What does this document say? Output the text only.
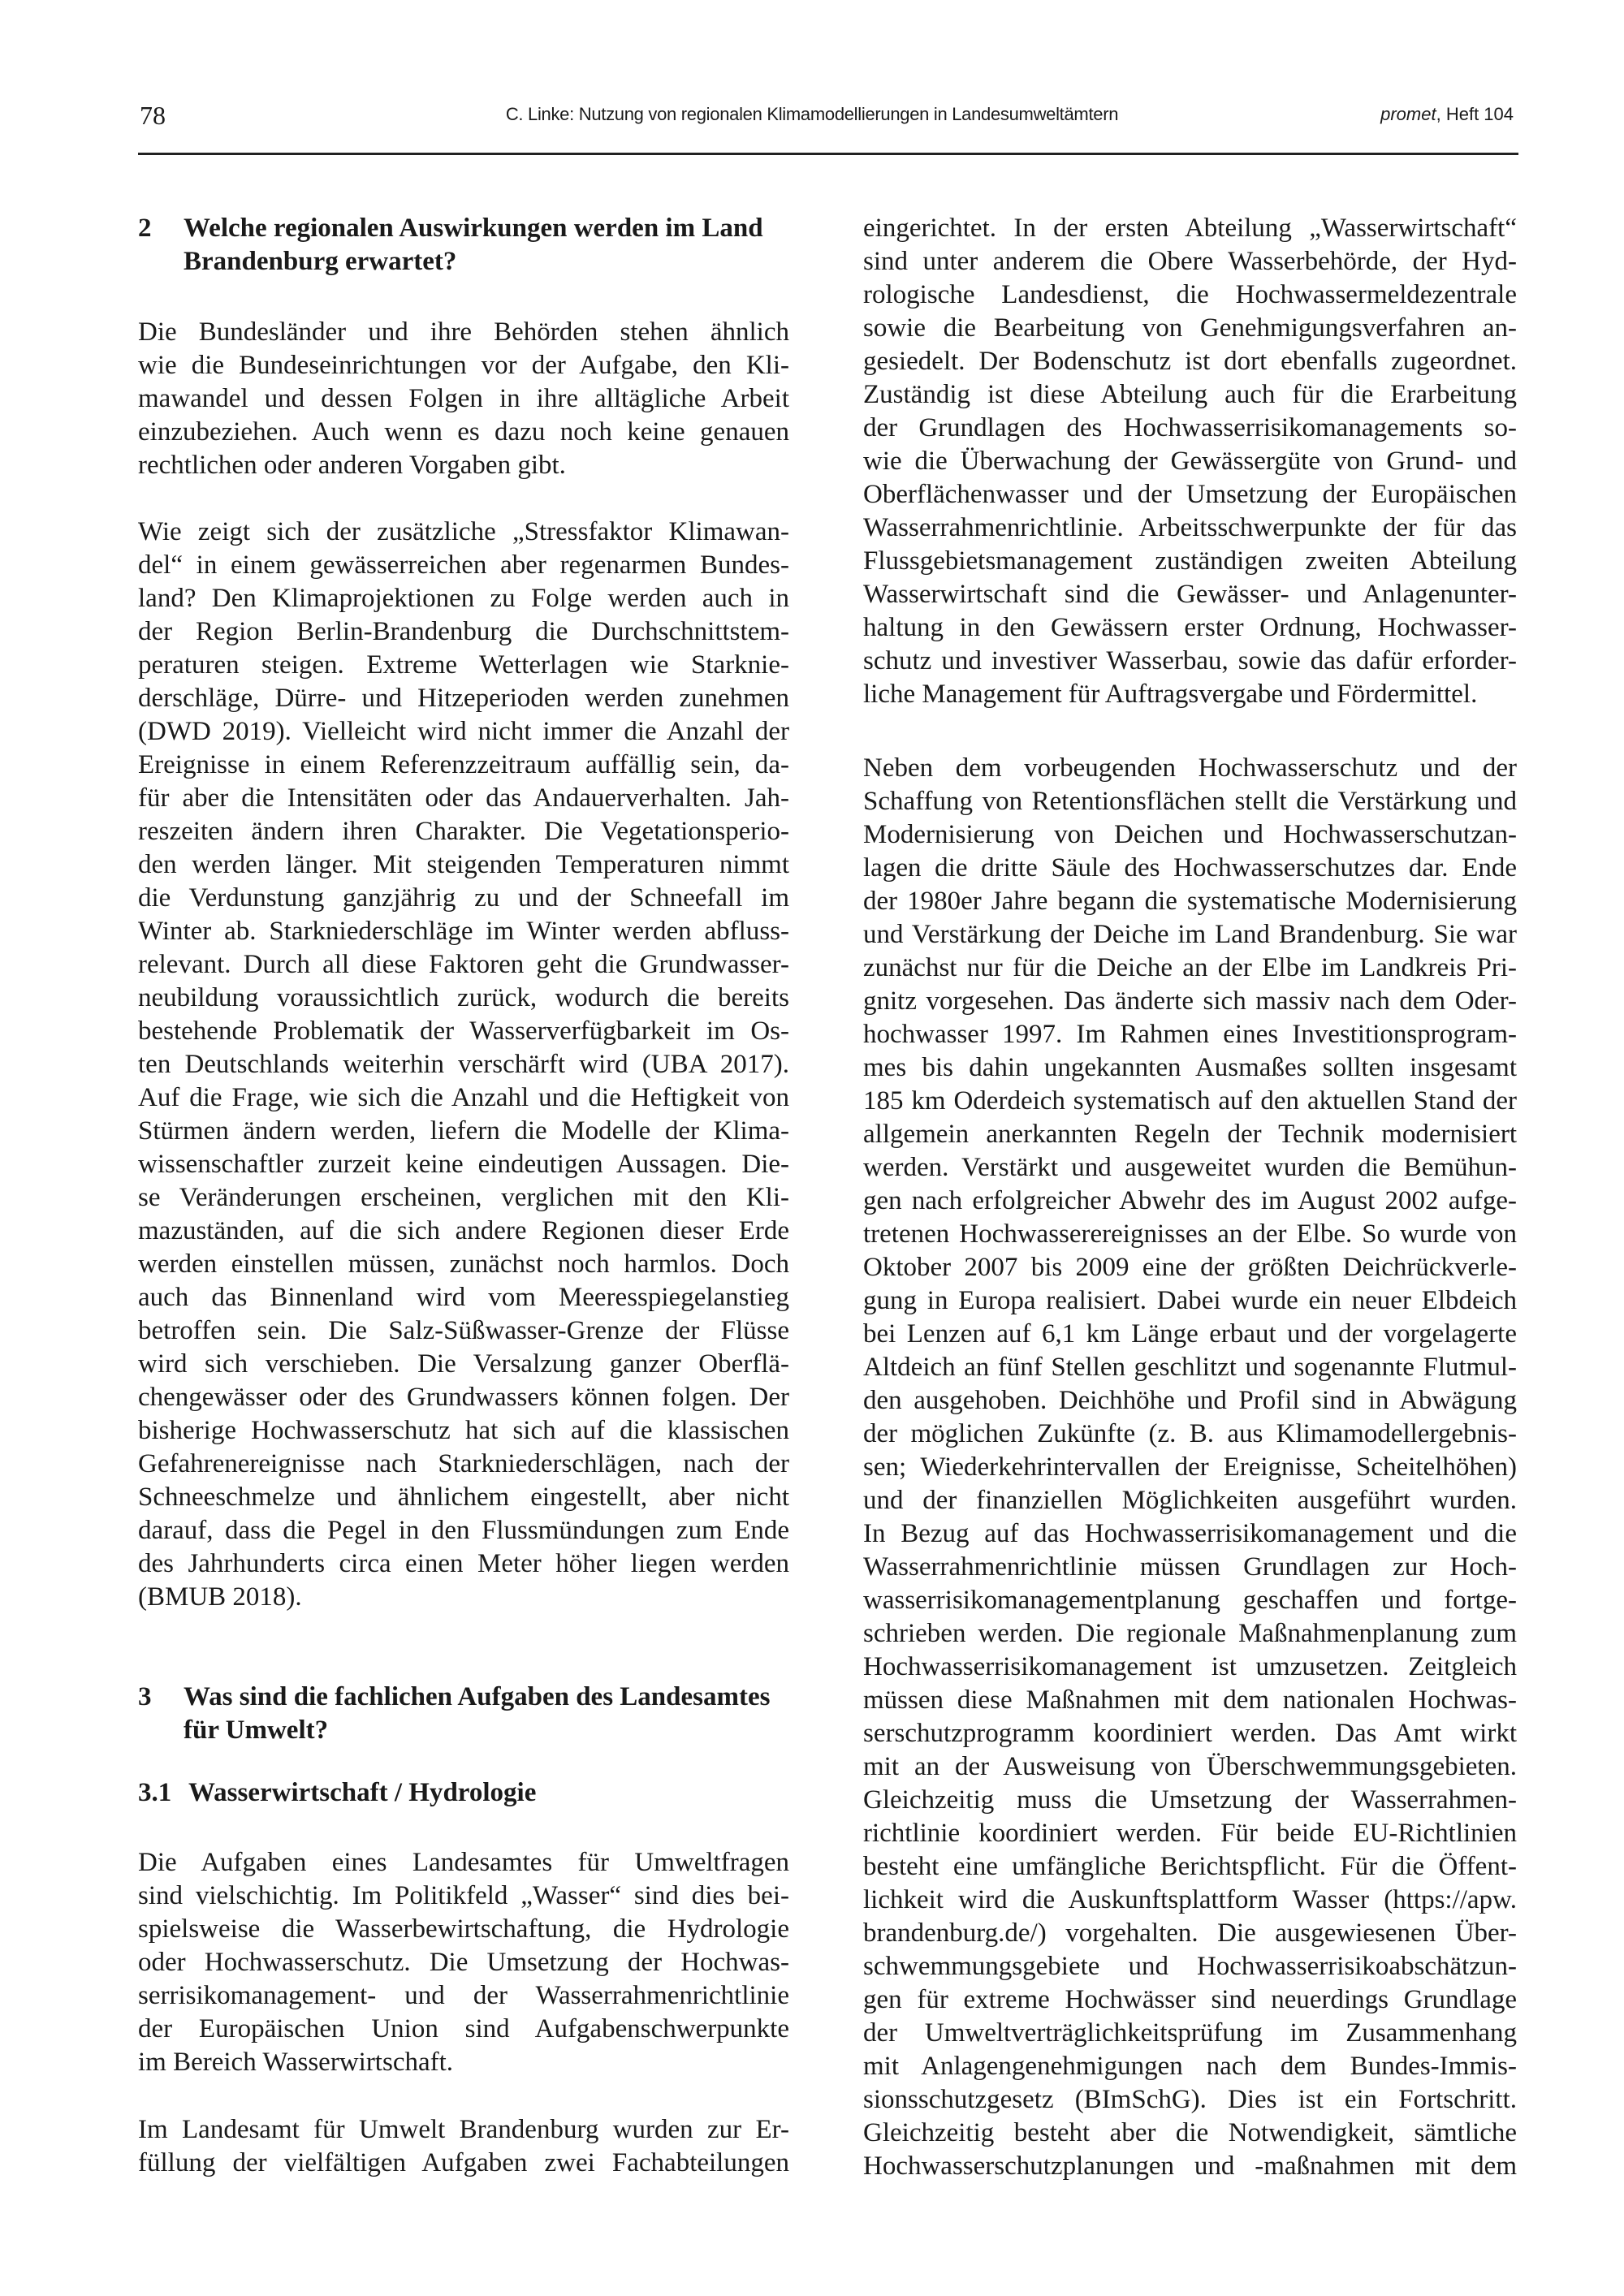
78	C. Linke: Nutzung von regionalen Klimamodellierungen in Landesumweltämtern	promet, Heft 104
2 Welche regionalen Auswirkungen werden im Land
Brandenburg erwartet?
Die Bundesländer und ihre Behörden stehen ähnlich
wie die Bundeseinrichtungen vor der Aufgabe, den Kli-
mawandel und dessen Folgen in ihre alltägliche Arbeit
einzubeziehen. Auch wenn es dazu noch keine genauen
rechtlichen oder anderen Vorgaben gibt.
Wie zeigt sich der zusätzliche „Stressfaktor Klimawan-
del“ in einem gewässerreichen aber regenarmen Bundes-
land? Den Klimaprojektionen zu Folge werden auch in
der Region Berlin-Brandenburg die Durchschnittstem-
peraturen steigen. Extreme Wetterlagen wie Starknie-
derschläge, Dürre- und Hitzeperioden werden zunehmen
(DWD 2019). Vielleicht wird nicht immer die Anzahl der
Ereignisse in einem Referenzzeitraum auffällig sein, da-
für aber die Intensitäten oder das Andauerverhalten. Jah-
reszeiten ändern ihren Charakter. Die Vegetationsperio-
den werden länger. Mit steigenden Temperaturen nimmt
die Verdunstung ganzjährig zu und der Schneefall im
Winter ab. Starkniederschläge im Winter werden abfluss-
relevant. Durch all diese Faktoren geht die Grundwasser-
neubildung voraussichtlich zurück, wodurch die bereits
bestehende Problematik der Wasserverfügbarkeit im Os-
ten Deutschlands weiterhin verschärft wird (UBA 2017).
Auf die Frage, wie sich die Anzahl und die Heftigkeit von
Stürmen ändern werden, liefern die Modelle der Klima-
wissenschaftler zurzeit keine eindeutigen Aussagen. Die-
se Veränderungen erscheinen, verglichen mit den Kli-
mazuständen, auf die sich andere Regionen dieser Erde
werden einstellen müssen, zunächst noch harmlos. Doch
auch das Binnenland wird vom Meeresspiegelanstieg
betroffen sein. Die Salz-Süßwasser-Grenze der Flüsse
wird sich verschieben. Die Versalzung ganzer Oberflä-
chengewässer oder des Grundwassers können folgen. Der
bisherige Hochwasserschutz hat sich auf die klassischen
Gefahrenereignisse nach Starkniederschlägen, nach der
Schneeschmelze und ähnlichem eingestellt, aber nicht
darauf, dass die Pegel in den Flussmündungen zum Ende
des Jahrhunderts circa einen Meter höher liegen werden
(BMUB 2018).
3 Was sind die fachlichen Aufgaben des Landesamtes
für Umwelt?
3.1 Wasserwirtschaft / Hydrologie
Die Aufgaben eines Landesamtes für Umweltfragen
sind vielschichtig. Im Politikfeld „Wasser“ sind dies bei-
spielsweise die Wasserbewirtschaftung, die Hydrologie
oder Hochwasserschutz. Die Umsetzung der Hochwas-
serrisikomanagement- und der Wasserrahmenrichtlinie
der Europäischen Union sind Aufgabenschwerpunkte
im Bereich Wasserwirtschaft.
Im Landesamt für Umwelt Brandenburg wurden zur Er-
füllung der vielfältigen Aufgaben zwei Fachabteilungen
eingerichtet. In der ersten Abteilung „Wasserwirtschaft“
sind unter anderem die Obere Wasserbehörde, der Hyd-
rologische Landesdienst, die Hochwassermeldezentrale
sowie die Bearbeitung von Genehmigungsverfahren an-
gesiedelt. Der Bodenschutz ist dort ebenfalls zugeordnet.
Zuständig ist diese Abteilung auch für die Erarbeitung
der Grundlagen des Hochwasserrisikomanagements so-
wie die Überwachung der Gewässergüte von Grund- und
Oberflächenwasser und der Umsetzung der Europäischen
Wasserrahmenrichtlinie. Arbeitsschwerpunkte der für das
Flussgebietsmanagement zuständigen zweiten Abteilung
Wasserwirtschaft sind die Gewässer- und Anlagenunter-
haltung in den Gewässern erster Ordnung, Hochwasser-
schutz und investiver Wasserbau, sowie das dafür erforder-
liche Management für Auftragsvergabe und Fördermittel.
Neben dem vorbeugenden Hochwasserschutz und der
Schaffung von Retentionsflächen stellt die Verstärkung und
Modernisierung von Deichen und Hochwasserschutzan-
lagen die dritte Säule des Hochwasserschutzes dar. Ende
der 1980er Jahre begann die systematische Modernisierung
und Verstärkung der Deiche im Land Brandenburg. Sie war
zunächst nur für die Deiche an der Elbe im Landkreis Pri-
gnitz vorgesehen. Das änderte sich massiv nach dem Oder-
hochwasser 1997. Im Rahmen eines Investitionsprogram-
mes bis dahin ungekannten Ausmaßes sollten insgesamt
185 km Oderdeich systematisch auf den aktuellen Stand der
allgemein anerkannten Regeln der Technik modernisiert
werden. Verstärkt und ausgeweitet wurden die Bemühun-
gen nach erfolgreicher Abwehr des im August 2002 aufge-
tretenen Hochwasserereignisses an der Elbe. So wurde von
Oktober 2007 bis 2009 eine der größten Deichrückverle-
gung in Europa realisiert. Dabei wurde ein neuer Elbdeich
bei Lenzen auf 6,1 km Länge erbaut und der vorgelagerte
Altdeich an fünf Stellen geschlitzt und sogenannte Flutmul-
den ausgehoben. Deichhöhe und Profil sind in Abwägung
der möglichen Zukünfte (z. B. aus Klimamodellergebnis-
sen; Wiederkehrintervallen der Ereignisse, Scheitelhöhen)
und der finanziellen Möglichkeiten ausgeführt wurden.
In Bezug auf das Hochwasserrisikomanagement und die
Wasserrahmenrichtlinie müssen Grundlagen zur Hoch-
wasserrisikomanagementplanung geschaffen und fortge-
schrieben werden. Die regionale Maßnahmenplanung zum
Hochwasserrisikomanagement ist umzusetzen. Zeitgleich
müssen diese Maßnahmen mit dem nationalen Hochwas-
serschutzprogramm koordiniert werden. Das Amt wirkt
mit an der Ausweisung von Überschwemmungsgebieten.
Gleichzeitig muss die Umsetzung der Wasserrahmen-
richtlinie koordiniert werden. Für beide EU-Richtlinien
besteht eine umfängliche Berichtspflicht. Für die Öffent-
lichkeit wird die Auskunftsplattform Wasser (https://apw.
brandenburg.de/) vorgehalten. Die ausgewiesenen Über-
schwemmungsgebiete und Hochwasserrisikoabschätzun-
gen für extreme Hochwässer sind neuerdings Grundlage
der Umweltverträglichkeitsprüfung im Zusammenhang
mit Anlagengenehmigungen nach dem Bundes-Immis-
sionsschutzgesetz (BImSchG). Dies ist ein Fortschritt.
Gleichzeitig besteht aber die Notwendigkeit, sämtliche
Hochwasserschutzplanungen und -maßnahmen mit dem
